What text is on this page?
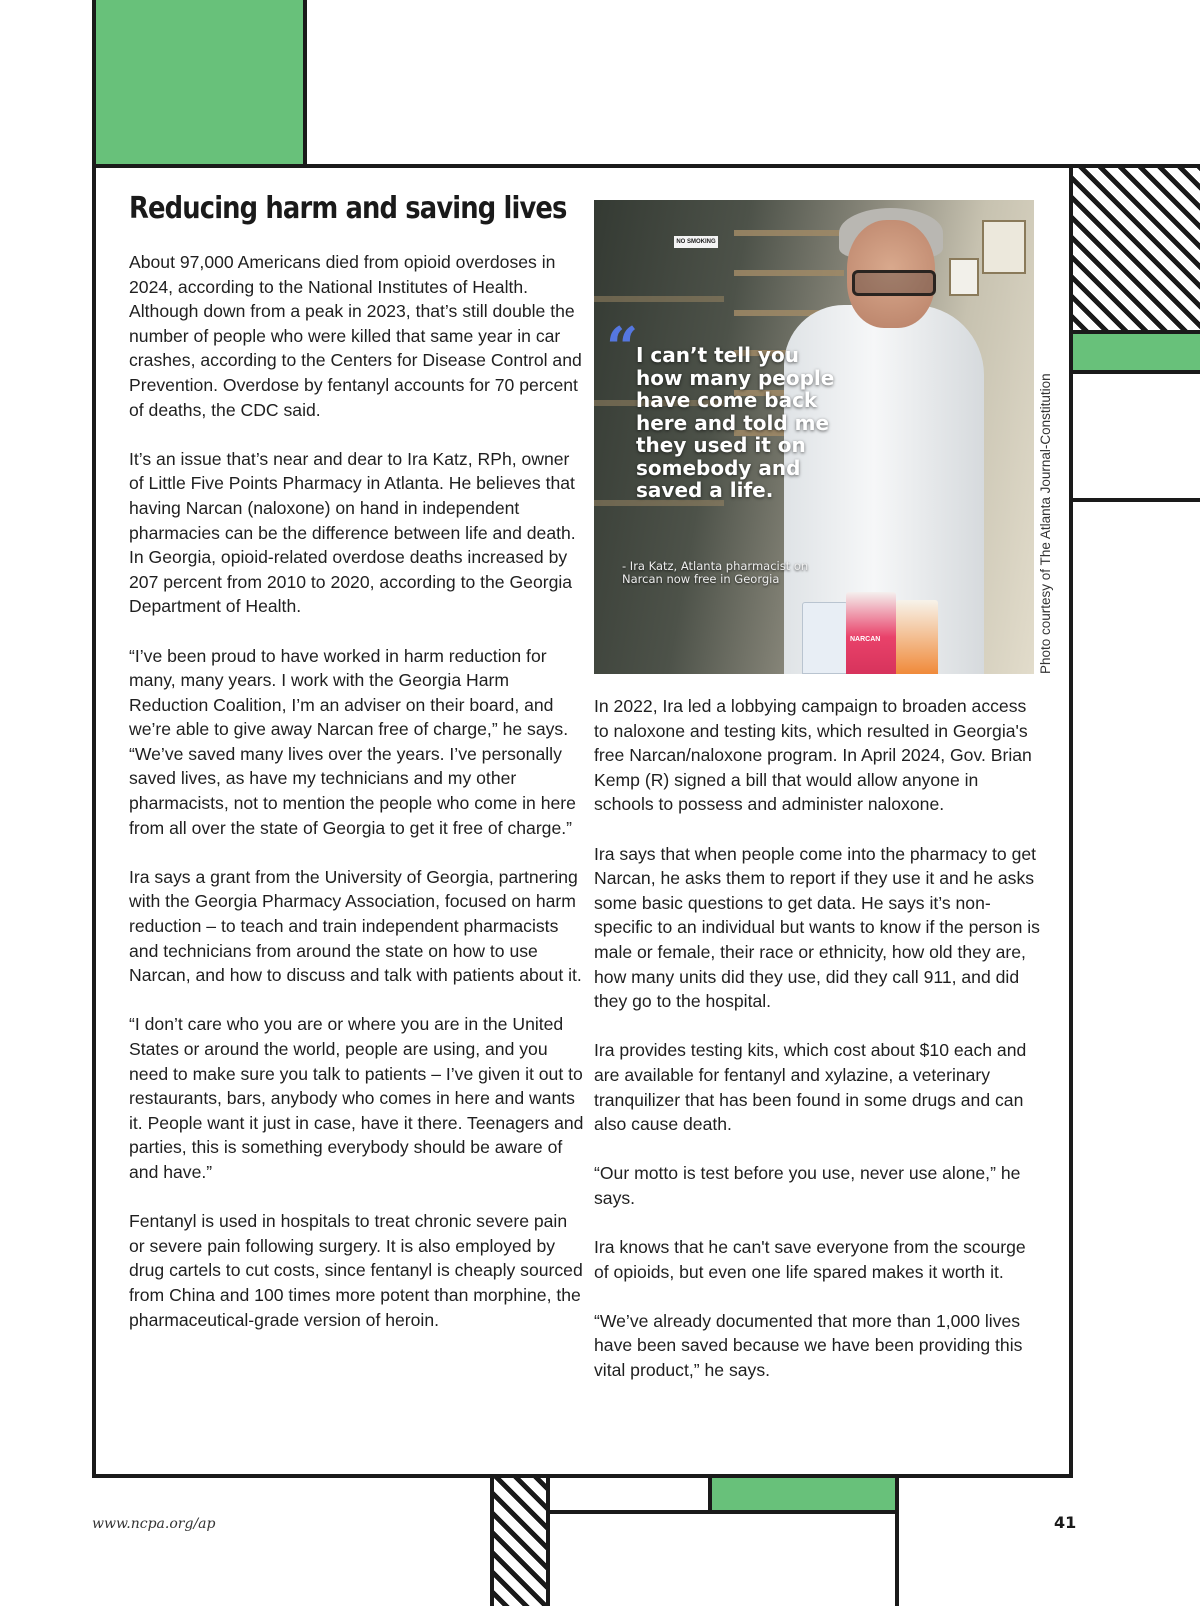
Reducing harm and saving lives

About 97,000 Americans died from opioid overdoses in 2024, according to the National Institutes of Health. Although down from a peak in 2023, that’s still double the number of people who were killed that same year in car crashes, according to the Centers for Disease Control and Prevention. Overdose by fentanyl accounts for 70 percent of deaths, the CDC said.

It’s an issue that’s near and dear to Ira Katz, RPh, owner of Little Five Points Pharmacy in Atlanta. He believes that having Narcan (naloxone) on hand in independent pharmacies can be the difference between life and death. In Georgia, opioid-related overdose deaths increased by 207 percent from 2010 to 2020, according to the Georgia Department of Health.

“I’ve been proud to have worked in harm reduction for many, many years. I work with the Georgia Harm Reduction Coalition, I’m an adviser on their board, and we’re able to give away Narcan free of charge,” he says. “We’ve saved many lives over the years. I’ve personally saved lives, as have my technicians and my other pharmacists, not to mention the people who come in here from all over the state of Georgia to get it free of charge.”

Ira says a grant from the University of Georgia, partnering with the Georgia Pharmacy Association, focused on harm reduction – to teach and train independent pharmacists and technicians from around the state on how to use Narcan, and how to discuss and talk with patients about it.

“I don’t care who you are or where you are in the United States or around the world, people are using, and you need to make sure you talk to patients – I’ve given it out to restaurants, bars, anybody who comes in here and wants it. People want it just in case, have it there. Teenagers and parties, this is something everybody should be aware of and have.”

Fentanyl is used in hospitals to treat chronic severe pain or severe pain following surgery. It is also employed by drug cartels to cut costs, since fentanyl is cheaply sourced from China and 100 times more potent than morphine, the pharmaceutical-grade version of heroin.

NO SMOKING
NARCAN
“
I can’t tell you how many people have come back here and told me they used it on somebody and saved a life.
- Ira Katz, Atlanta pharmacist on Narcan now free in Georgia	Photo courtesy of The Atlanta Journal-Constitution

In 2022, Ira led a lobbying campaign to broaden access to naloxone and testing kits, which resulted in Georgia's free Narcan/naloxone program. In April 2024, Gov. Brian Kemp (R) signed a bill that would allow anyone in schools to possess and administer naloxone.

Ira says that when people come into the pharmacy to get Narcan, he asks them to report if they use it and he asks some basic questions to get data. He says it’s non-specific to an individual but wants to know if the person is male or female, their race or ethnicity, how old they are, how many units did they use, did they call 911, and did they go to the hospital.

Ira provides testing kits, which cost about $10 each and are available for fentanyl and xylazine, a veterinary tranquilizer that has been found in some drugs and can also cause death.

“Our motto is test before you use, never use alone,” he says.

Ira knows that he can't save everyone from the scourge of opioids, but even one life spared makes it worth it.

“We’ve already documented that more than 1,000 lives have been saved because we have been providing this vital product,” he says.

www.ncpa.org/ap	41
